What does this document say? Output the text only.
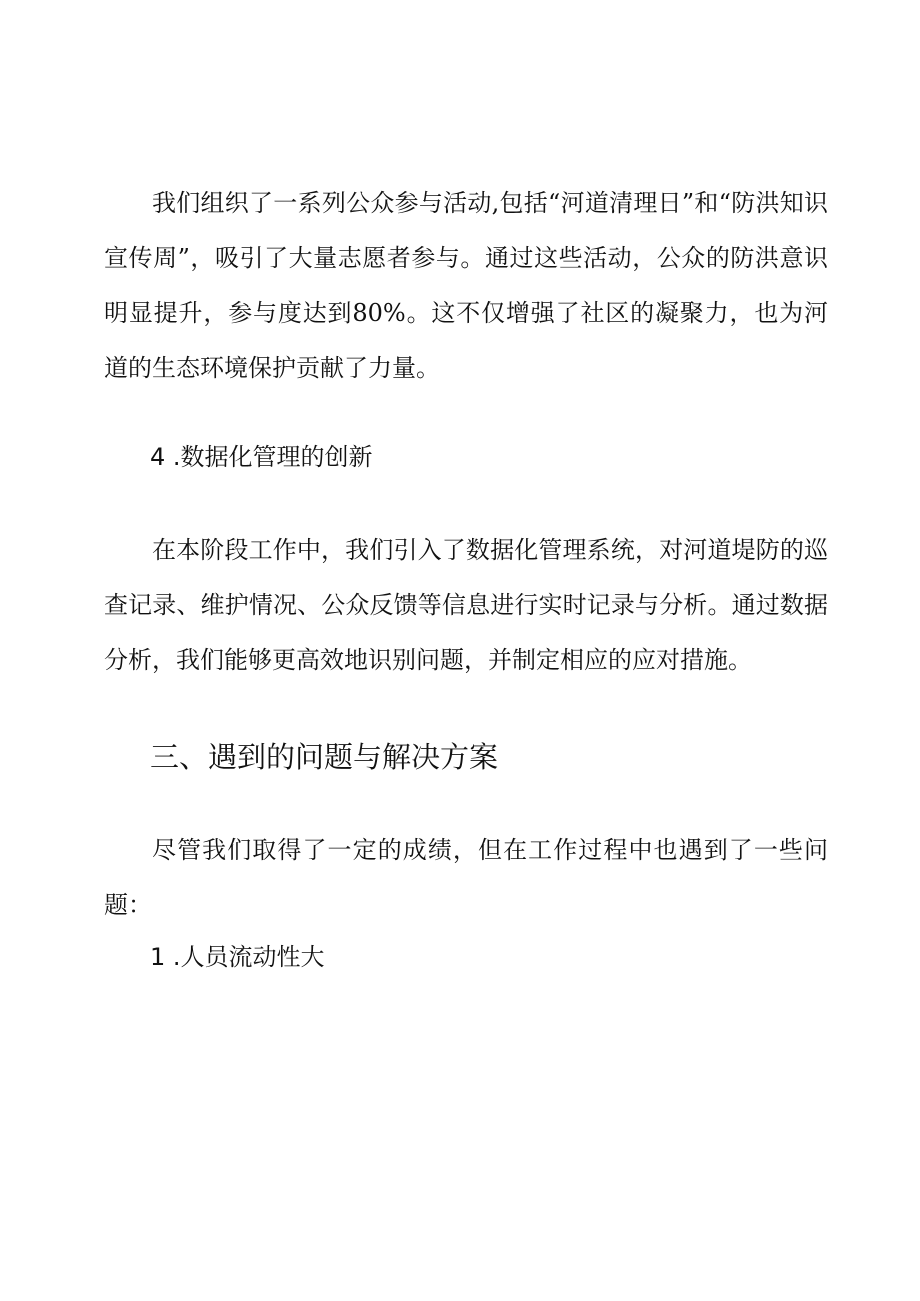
我们组织了一系列公众参与活动,包括“河道清理日”和“防洪知识宣传周”，吸引了大量志愿者参与。通过这些活动，公众的防洪意识明显提升，参与度达到80%。这不仅增强了社区的凝聚力，也为河道的生态环境保护贡献了力量。

4 .数据化管理的创新

在本阶段工作中，我们引入了数据化管理系统，对河道堤防的巡查记录、维护情况、公众反馈等信息进行实时记录与分析。通过数据分析，我们能够更高效地识别问题，并制定相应的应对措施。

三、遇到的问题与解决方案

尽管我们取得了一定的成绩，但在工作过程中也遇到了一些问题：

1 .人员流动性大
